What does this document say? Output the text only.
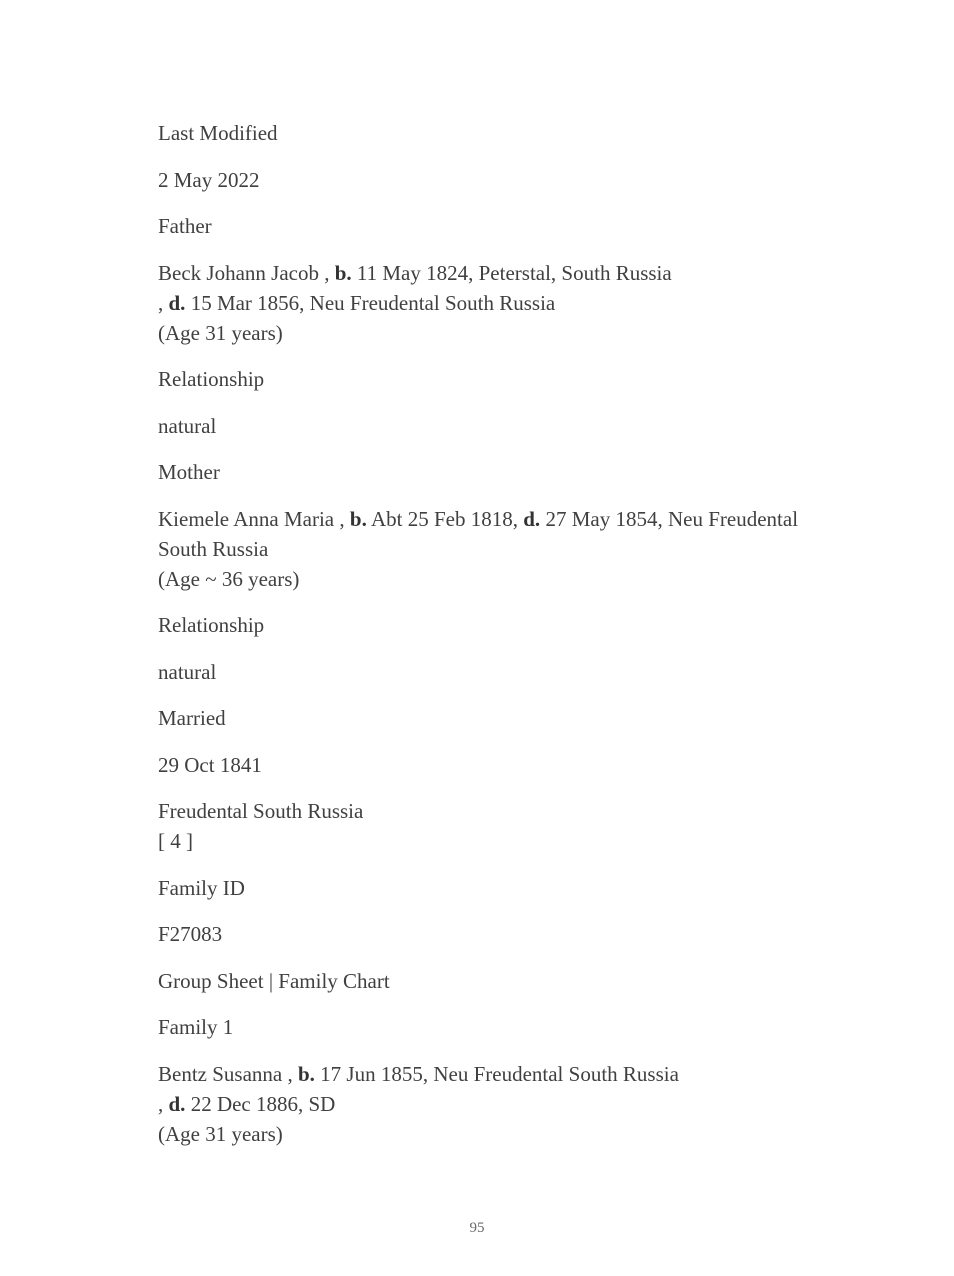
Last Modified
2 May 2022
Father
Beck Johann Jacob , b. 11 May 1824, Peterstal, South Russia
, d. 15 Mar 1856, Neu Freudental South Russia
(Age 31 years)
Relationship
natural
Mother
Kiemele Anna Maria , b. Abt 25 Feb 1818, d. 27 May 1854, Neu Freudental South Russia
(Age ~ 36 years)
Relationship
natural
Married
29 Oct 1841
Freudental South Russia
[ 4 ]
Family ID
F27083
Group Sheet | Family Chart
Family 1
Bentz Susanna , b. 17 Jun 1855, Neu Freudental South Russia
, d. 22 Dec 1886, SD
(Age 31 years)
95
